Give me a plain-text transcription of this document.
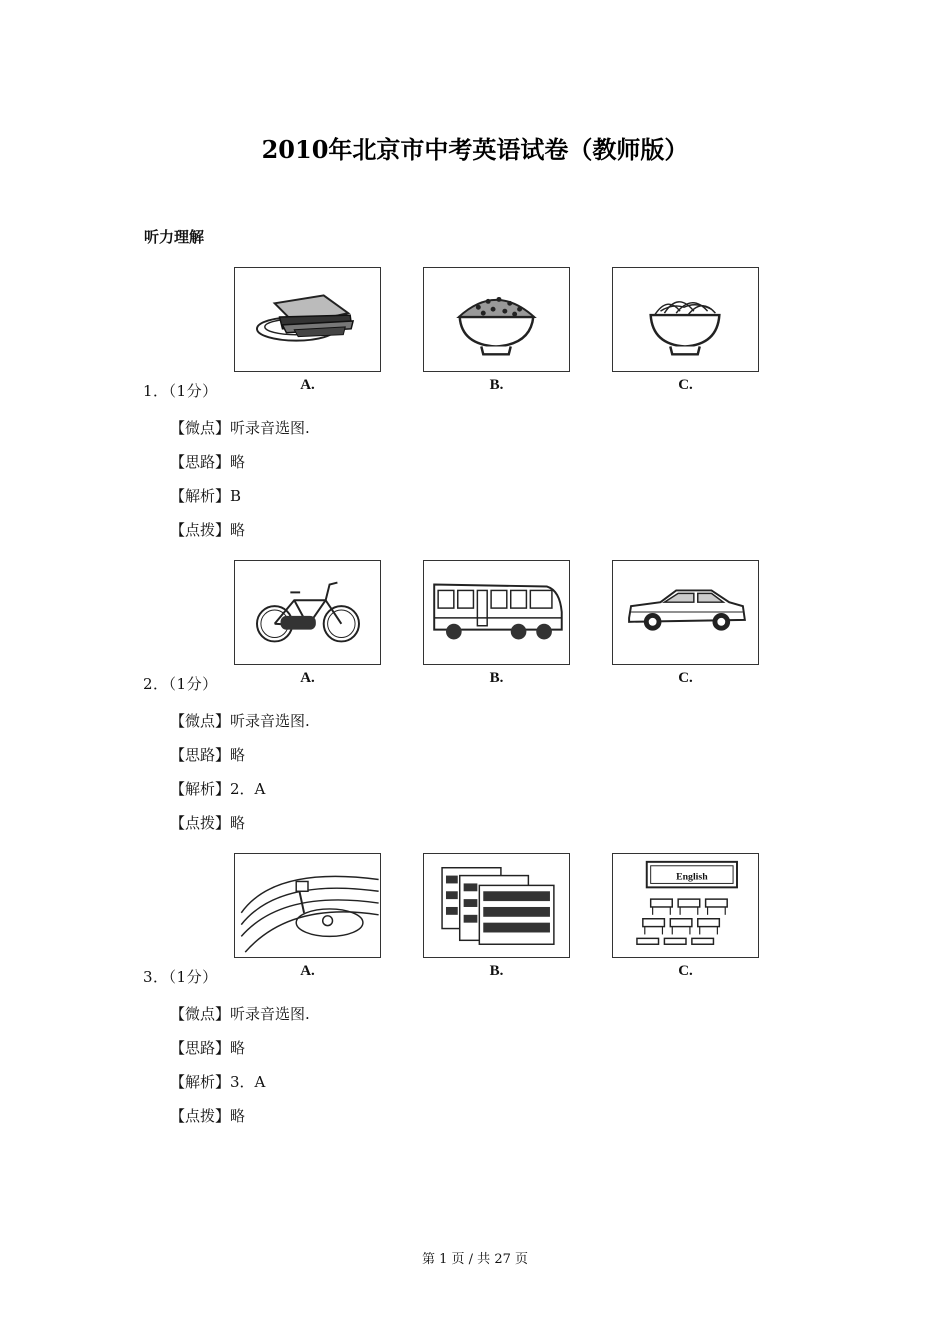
2010年北京市中考英语试卷（教师版）
听力理解
A.	B.	C.
1．（1分）
【微点】听录音选图.
【思路】略
【解析】B
【点拨】略
A.	B.	C.
2．（1分）
【微点】听录音选图.
【思路】略
【解析】2．A
【点拨】略
A.	B.
English
C.
3．（1分）
【微点】听录音选图.
【思路】略
【解析】3．A
【点拨】略
第 1 页 / 共 27 页
